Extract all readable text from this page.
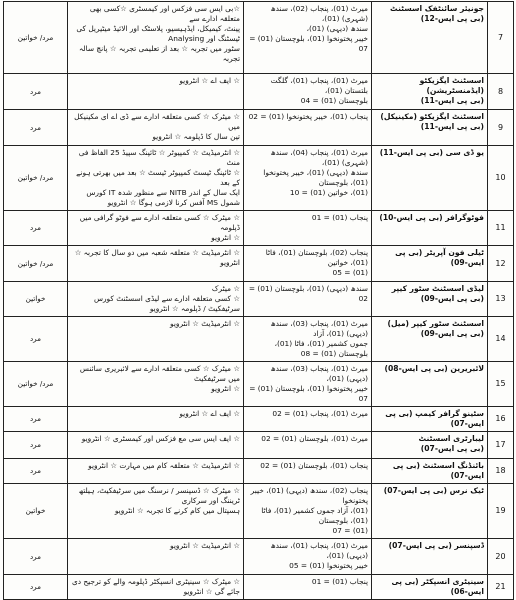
مرد/ خواتین	☆بی ایس سی فزکس اور کیمسٹری ☆کسی بھی متعلقہ ادارے سے
پینٹ، کیمیکل، ایڈہیسیو، پلاسٹک اور الائیڈ میٹیریل کی ٹیسٹنگ اور Analysing
سٹور میں تجربہ ☆ بعد از تعلیمی تجربہ ☆ پانچ سالہ تجربہ	میرٹ (01)، پنجاب (02)، سندھ (شہری) (01)،
سندھ (دیہی) (01)،
خیبر پختونخوا (01)، بلوچستان (01) = 07	جونیئر سائنٹفک اسسٹنٹ
(بی پی ایس-12)	7
مرد	☆ ایف اے ☆ انٹرویو	میرٹ (01)، پنجاب (01)، گلگت بلتستان (01)،
بلوچستان (01) = 04	اسسٹنٹ ایگزیکٹو (ایڈمنسٹریشن)
(بی پی ایس-11)	8
مرد	☆ میٹرک ☆ کسی متعلقہ ادارے سے ڈی اے ای مکینیکل میں
تین سال کا ڈپلومہ ☆ انٹرویو	پنجاب (01)، خیبر پختونخوا (01) = 02	اسسٹنٹ ایگزیکٹو (مکینیکل)
(بی پی ایس-11)	9
مرد/ خواتین	☆ انٹرمیڈیٹ ☆ کمپیوٹر ☆ ٹائپنگ سپیڈ 25 الفاظ فی منٹ
☆ ٹائپنگ ٹیسٹ کمپیوٹر ٹیسٹ ☆ بعد میں بھرتی ہونے کے بعد
ایک سال کے اندر NITB سے منظور شدہ IT کورس
شمول MS آفس کرنا لازمی ہوگا ☆ انٹرویو	میرٹ (01)، پنجاب (04)، سندھ (شہری) (01)،
سندھ (دیہی) (01)، خیبر پختونخوا (01)، بلوچستان
(01)، خواتین (01) = 10	یو ڈی سی (بی پی ایس-11)	10
مرد	☆ میٹرک ☆ کسی متعلقہ ادارے سے فوٹو گرافی میں ڈپلومہ
☆ انٹرویو	پنجاب (01) = 01	فوٹوگرافر (بی پی ایس-10)	11
مرد/ خواتین	☆ انٹرمیڈیٹ ☆ متعلقہ شعبہ میں دو سال کا تجربہ ☆ انٹرویو	پنجاب (02)، بلوچستان (01)، فاٹا (01)، خواتین
(01) = 05	ٹیلی فون آپریٹر (بی پی ایس-09)	12
خواتین	☆ میٹرک
☆ کسی متعلقہ ادارے سے لیڈی اسسٹنٹ کورس سرٹیفکیٹ / ڈپلومہ ☆ انٹرویو	سندھ (دیہی) (01)، بلوچستان (01) = 02	لیڈی اسسٹنٹ سٹور کیپر
(بی پی ایس-09)	13
مرد	☆ انٹرمیڈیٹ ☆ انٹرویو	میرٹ (01)، پنجاب (03)، سندھ (دیہی) (01)، آزاد
جموں کشمیر (01)، فاٹا (01)، بلوچستان (01) = 08	اسسٹنٹ سٹور کیپر (میل)
(بی پی ایس-09)	14
مرد/ خواتین	☆ میٹرک ☆ کسی متعلقہ ادارے سے لائبریری سائنس میں سرٹیفکیٹ
☆ انٹرویو	میرٹ (01)، پنجاب (03)، سندھ (دیہی) (01)،
خیبر پختونخوا (01)، بلوچستان (01) =
07	لائبریرین (بی پی ایس-08)	15
مرد	☆ ایف اے ☆ انٹرویو	میرٹ (01)، پنجاب (01) = 02	سٹینو گرافر کیمپ (بی پی ایس-07)	16
مرد	☆ ایف ایس سی مع فزکس اور کیمسٹری ☆ انٹرویو	میرٹ (01)، بلوچستان (01) = 02	لیبارٹری اسسٹنٹ
(بی پی ایس-07)	17
مرد	☆ انٹرمیڈیٹ ☆ متعلقہ کام میں مہارت ☆ انٹرویو	پنجاب (01)، بلوچستان (01) = 02	بائنڈنگ اسسٹنٹ (بی پی ایس-07)	18
خواتین	☆ میٹرک ☆ ڈسپنسر / نرسنگ میں سرٹیفکیٹ، ہیلتھ ٹریننگ اور سرکاری
ہسپتال میں کام کرنے کا تجربہ ☆ انٹرویو	پنجاب (02)، سندھ (دیہی) (01)، خیبر پختونخوا
(01)، آزاد جموں کشمیر (01)، فاٹا (01)، بلوچستان
(01) = 07	ٹیک نرس (بی پی ایس-07)	19
مرد	☆ انٹرمیڈیٹ ☆ انٹرویو	میرٹ (01)، پنجاب (01)، سندھ (دیہی) (01)،
خیبر پختونخوا (01) = 05	ڈسپنسر (بی پی ایس-07)	20
مرد	☆ میٹرک ☆ سینیٹری انسپکٹر ڈپلومہ والے کو ترجیح دی جائے گی ☆ انٹرویو	پنجاب (01) = 01	سینیٹری انسپکٹر (بی پی ایس-06)	21
